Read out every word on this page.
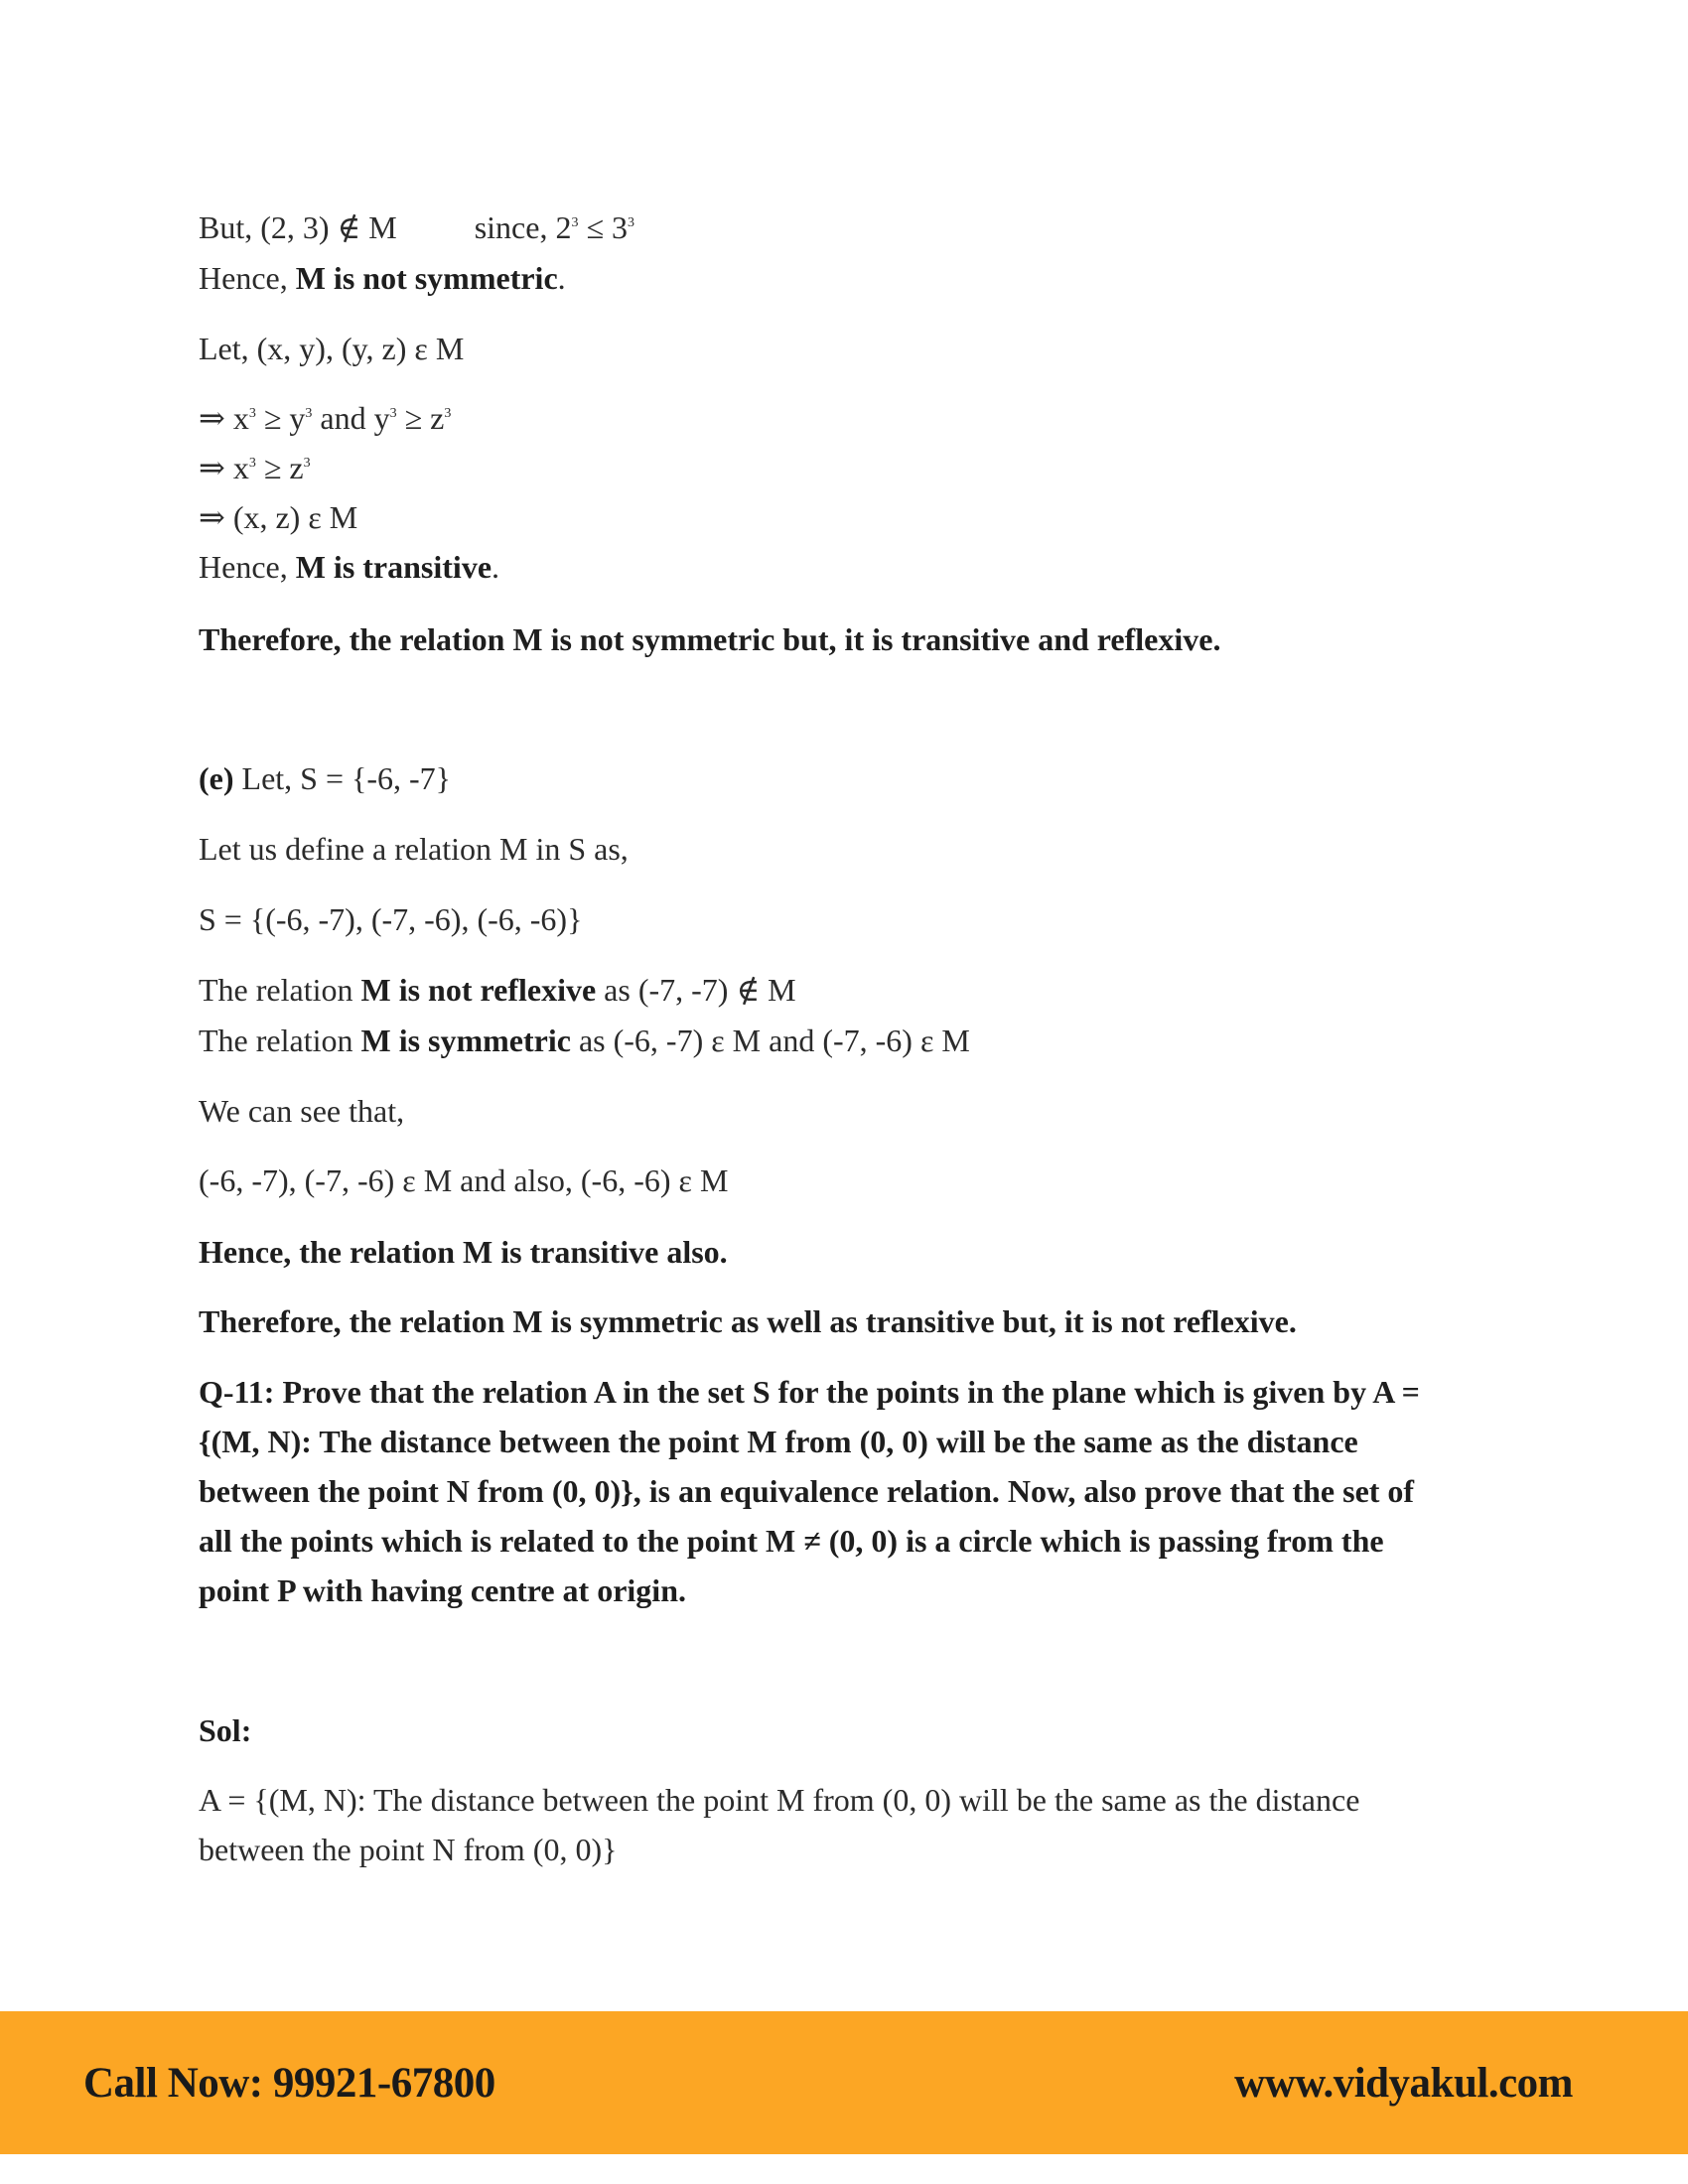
But, (2, 3) ∉ M since, $2^3 \le 3^3$
Hence, M is not symmetric.
Let, (x, y), (y, z) ε M
⇒ $x^3 \ge y^3$ and $y^3 \ge z^3$
⇒ $x^3 \ge z^3$
⇒ (x, z) ε M
Hence, M is transitive.
Therefore, the relation M is not symmetric but, it is transitive and reflexive.
(e) Let, S = {-6, -7}
Let us define a relation M in S as,
S = {(-6, -7), (-7, -6), (-6, -6)}
The relation M is not reflexive as (-7, -7) ∉ M
The relation M is symmetric as (-6, -7) ε M and (-7, -6) ε M
We can see that,
(-6, -7), (-7, -6) ε M and also, (-6, -6) ε M
Hence, the relation M is transitive also.
Therefore, the relation M is symmetric as well as transitive but, it is not reflexive.
Q-11: Prove that the relation A in the set S for the points in the plane which is given by A =
{(M, N): The distance between the point M from (0, 0) will be the same as the distance
between the point N from (0, 0)}, is an equivalence relation. Now, also prove that the set of
all the points which is related to the point M ≠ (0, 0) is a circle which is passing from the
point P with having centre at origin.
Sol:
A = {(M, N): The distance between the point M from (0, 0) will be the same as the distance
between the point N from (0, 0)}
Call Now: 99921-67800	www.vidyakul.com
